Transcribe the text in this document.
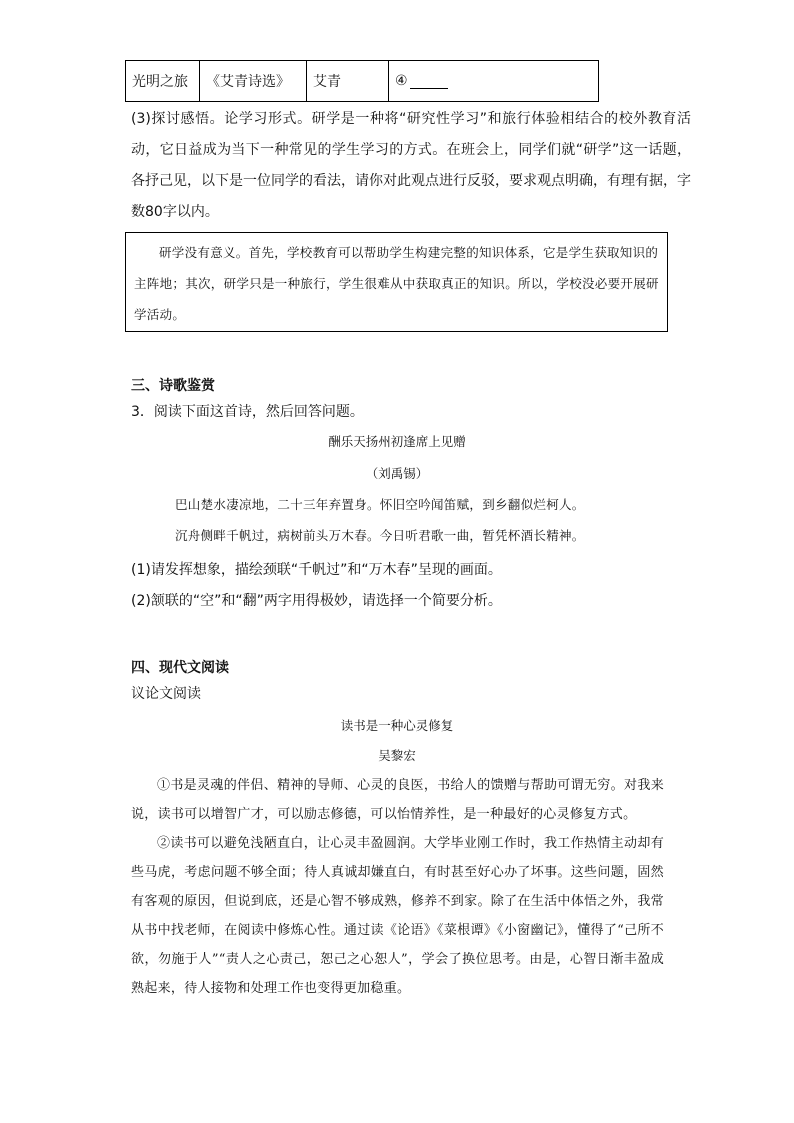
光明之旅	《艾青诗选》	艾青	④
(3)探讨感悟。论学习形式。研学是一种将“研究性学习”和旅行体验相结合的校外教育活动，它日益成为当下一种常见的学生学习的方式。在班会上，同学们就“研学”这一话题，各抒己见，以下是一位同学的看法，请你对此观点进行反驳，要求观点明确，有理有据，字数80字以内。

研学没有意义。首先，学校教育可以帮助学生构建完整的知识体系，它是学生获取知识的主阵地；其次，研学只是一种旅行，学生很难从中获取真正的知识。所以，学校没必要开展研学活动。

三、诗歌鉴赏
3．阅读下面这首诗，然后回答问题。
酬乐天扬州初逢席上见赠
（刘禹锡）
巴山楚水凄凉地，二十三年弃置身。怀旧空吟闻笛赋，到乡翻似烂柯人。
沉舟侧畔千帆过，病树前头万木春。今日听君歌一曲，暂凭杯酒长精神。
(1)请发挥想象，描绘颈联“千帆过”和“万木春”呈现的画面。
(2)颔联的“空”和“翻”两字用得极妙，请选择一个简要分析。
四、现代文阅读
议论文阅读
读书是一种心灵修复
吴黎宏

①书是灵魂的伴侣、精神的导师、心灵的良医，书给人的馈赠与帮助可谓无穷。对我来说，读书可以增智广才，可以励志修德，可以怡情养性，是一种最好的心灵修复方式。

②读书可以避免浅陋直白，让心灵丰盈圆润。大学毕业刚工作时，我工作热情主动却有些马虎，考虑问题不够全面；待人真诚却嫌直白，有时甚至好心办了坏事。这些问题，固然有客观的原因，但说到底，还是心智不够成熟，修养不到家。除了在生活中体悟之外，我常从书中找老师，在阅读中修炼心性。通过读《论语》《菜根谭》《小窗幽记》，懂得了“己所不欲，勿施于人”“责人之心责己，恕己之心恕人”，学会了换位思考。由是，心智日渐丰盈成熟起来，待人接物和处理工作也变得更加稳重。
